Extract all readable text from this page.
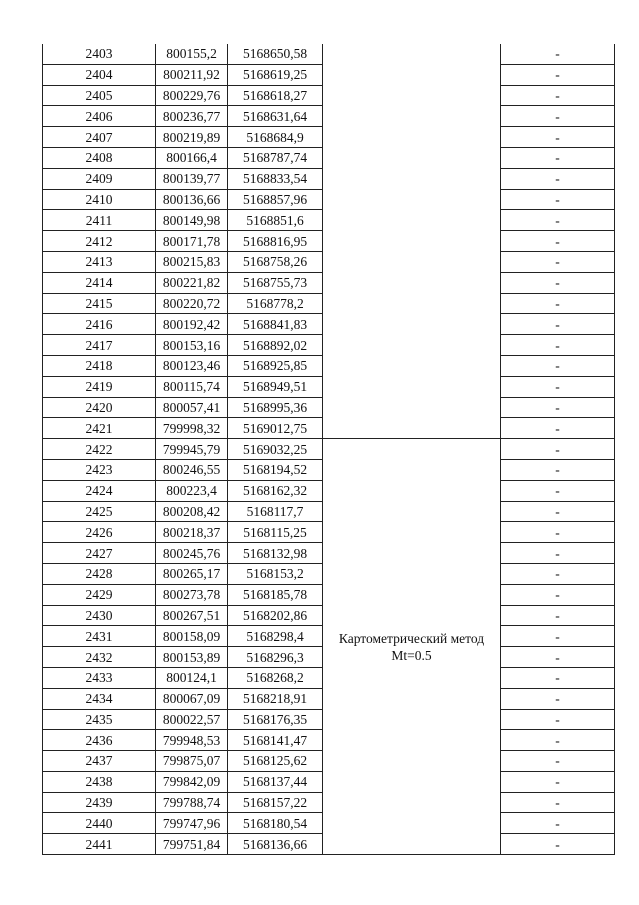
2403	800155,2	5168650,58		-
2404	800211,92	5168619,25		-
2405	800229,76	5168618,27		-
2406	800236,77	5168631,64		-
2407	800219,89	5168684,9		-
2408	800166,4	5168787,74		-
2409	800139,77	5168833,54		-
2410	800136,66	5168857,96		-
2411	800149,98	5168851,6		-
2412	800171,78	5168816,95		-
2413	800215,83	5168758,26		-
2414	800221,82	5168755,73		-
2415	800220,72	5168778,2		-
2416	800192,42	5168841,83		-
2417	800153,16	5168892,02		-
2418	800123,46	5168925,85		-
2419	800115,74	5168949,51		-
2420	800057,41	5168995,36		-
2421	799998,32	5169012,75		-
2422	799945,79	5169032,25	Картометрический метод
Mt=0.5	-
2423	800246,55	5168194,52		-
2424	800223,4	5168162,32		-
2425	800208,42	5168117,7		-
2426	800218,37	5168115,25		-
2427	800245,76	5168132,98		-
2428	800265,17	5168153,2		-
2429	800273,78	5168185,78		-
2430	800267,51	5168202,86		-
2431	800158,09	5168298,4		-
2432	800153,89	5168296,3		-
2433	800124,1	5168268,2		-
2434	800067,09	5168218,91		-
2435	800022,57	5168176,35		-
2436	799948,53	5168141,47		-
2437	799875,07	5168125,62		-
2438	799842,09	5168137,44		-
2439	799788,74	5168157,22		-
2440	799747,96	5168180,54		-
2441	799751,84	5168136,66		-
